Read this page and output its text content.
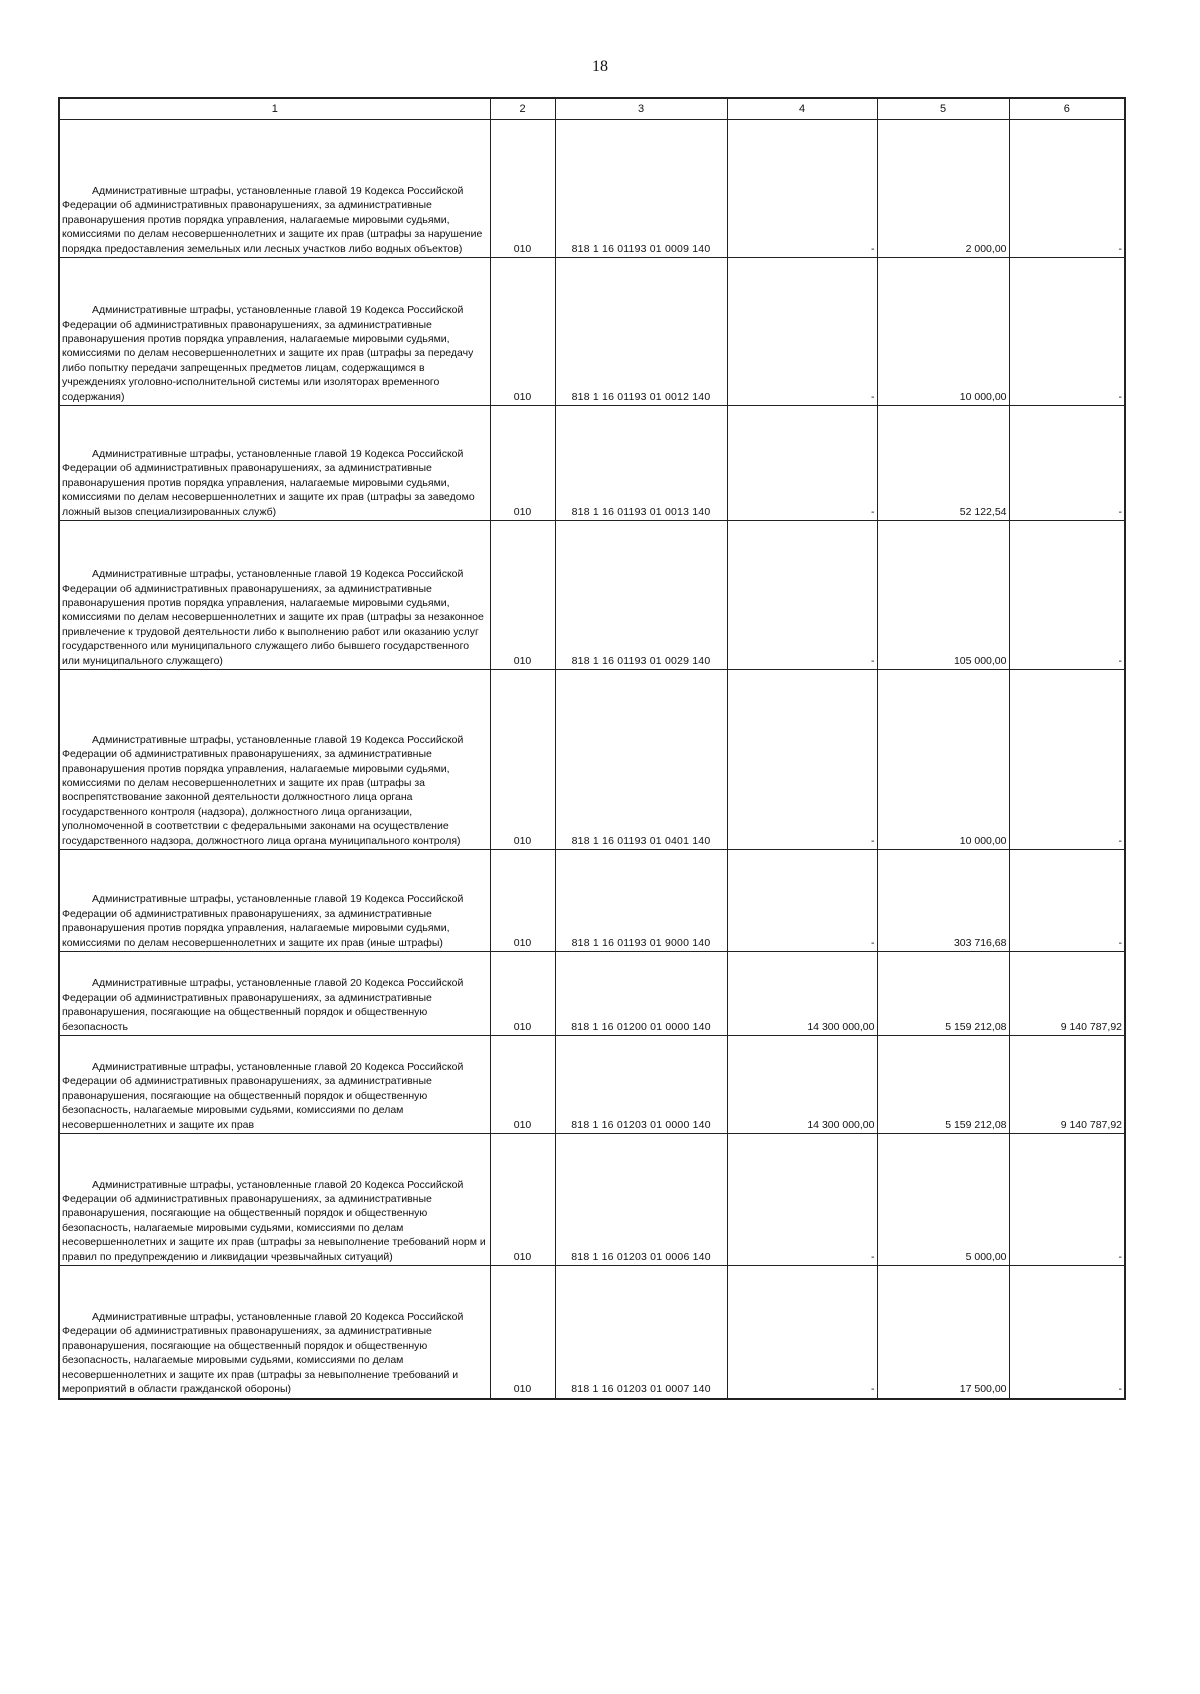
18
1	2	3	4	5	6

Административные штрафы, установленные главой 19 Кодекса Российской Федерации об административных правонарушениях, за административные правонарушения против порядка управления, налагаемые мировыми судьями, комиссиями по делам несовершеннолетних и защите их прав (штрафы за нарушение порядка предоставления земельных или лесных участков либо водных объектов)	010	818 1 16 01193 01 0009 140	-	2 000,00	-

Административные штрафы, установленные главой 19 Кодекса Российской Федерации об административных правонарушениях, за административные правонарушения против порядка управления, налагаемые мировыми судьями, комиссиями по делам несовершеннолетних и защите их прав (штрафы за передачу либо попытку передачи запрещенных предметов лицам, содержащимся в учреждениях уголовно-исполнительной системы или изоляторах временного содержания)	010	818 1 16 01193 01 0012 140	-	10 000,00	-

Административные штрафы, установленные главой 19 Кодекса Российской Федерации об административных правонарушениях, за административные правонарушения против порядка управления, налагаемые мировыми судьями, комиссиями по делам несовершеннолетних и защите их прав (штрафы за заведомо ложный вызов специализированных служб)	010	818 1 16 01193 01 0013 140	-	52 122,54	-

Административные штрафы, установленные главой 19 Кодекса Российской Федерации об административных правонарушениях, за административные правонарушения против порядка управления, налагаемые мировыми судьями, комиссиями по делам несовершеннолетних и защите их прав (штрафы за незаконное привлечение к трудовой деятельности либо к выполнению работ или оказанию услуг государственного или муниципального служащего либо бывшего государственного или муниципального служащего)	010	818 1 16 01193 01 0029 140	-	105 000,00	-

Административные штрафы, установленные главой 19 Кодекса Российской Федерации об административных правонарушениях, за административные правонарушения против порядка управления, налагаемые мировыми судьями, комиссиями по делам несовершеннолетних и защите их прав (штрафы за воспрепятствование законной деятельности должностного лица органа государственного контроля (надзора), должностного лица организации, уполномоченной в соответствии с федеральными законами на осуществление государственного надзора, должностного лица органа муниципального контроля)	010	818 1 16 01193 01 0401 140	-	10 000,00	-

Административные штрафы, установленные главой 19 Кодекса Российской Федерации об административных правонарушениях, за административные правонарушения против порядка управления, налагаемые мировыми судьями, комиссиями по делам несовершеннолетних и защите их прав (иные штрафы)	010	818 1 16 01193 01 9000 140	-	303 716,68	-

Административные штрафы, установленные главой 20 Кодекса Российской Федерации об административных правонарушениях, за административные правонарушения, посягающие на общественный порядок и общественную безопасность	010	818 1 16 01200 01 0000 140	14 300 000,00	5 159 212,08	9 140 787,92

Административные штрафы, установленные главой 20 Кодекса Российской Федерации об административных правонарушениях, за административные правонарушения, посягающие на общественный порядок и общественную безопасность, налагаемые мировыми судьями, комиссиями по делам несовершеннолетних и защите их прав	010	818 1 16 01203 01 0000 140	14 300 000,00	5 159 212,08	9 140 787,92

Административные штрафы, установленные главой 20 Кодекса Российской Федерации об административных правонарушениях, за административные правонарушения, посягающие на общественный порядок и общественную безопасность, налагаемые мировыми судьями, комиссиями по делам несовершеннолетних и защите их прав (штрафы за невыполнение требований норм и правил по предупреждению и ликвидации чрезвычайных ситуаций)	010	818 1 16 01203 01 0006 140	-	5 000,00	-

Административные штрафы, установленные главой 20 Кодекса Российской Федерации об административных правонарушениях, за административные правонарушения, посягающие на общественный порядок и общественную безопасность, налагаемые мировыми судьями, комиссиями по делам несовершеннолетних и защите их прав (штрафы за невыполнение требований и мероприятий в области гражданской обороны)	010	818 1 16 01203 01 0007 140	-	17 500,00	-
